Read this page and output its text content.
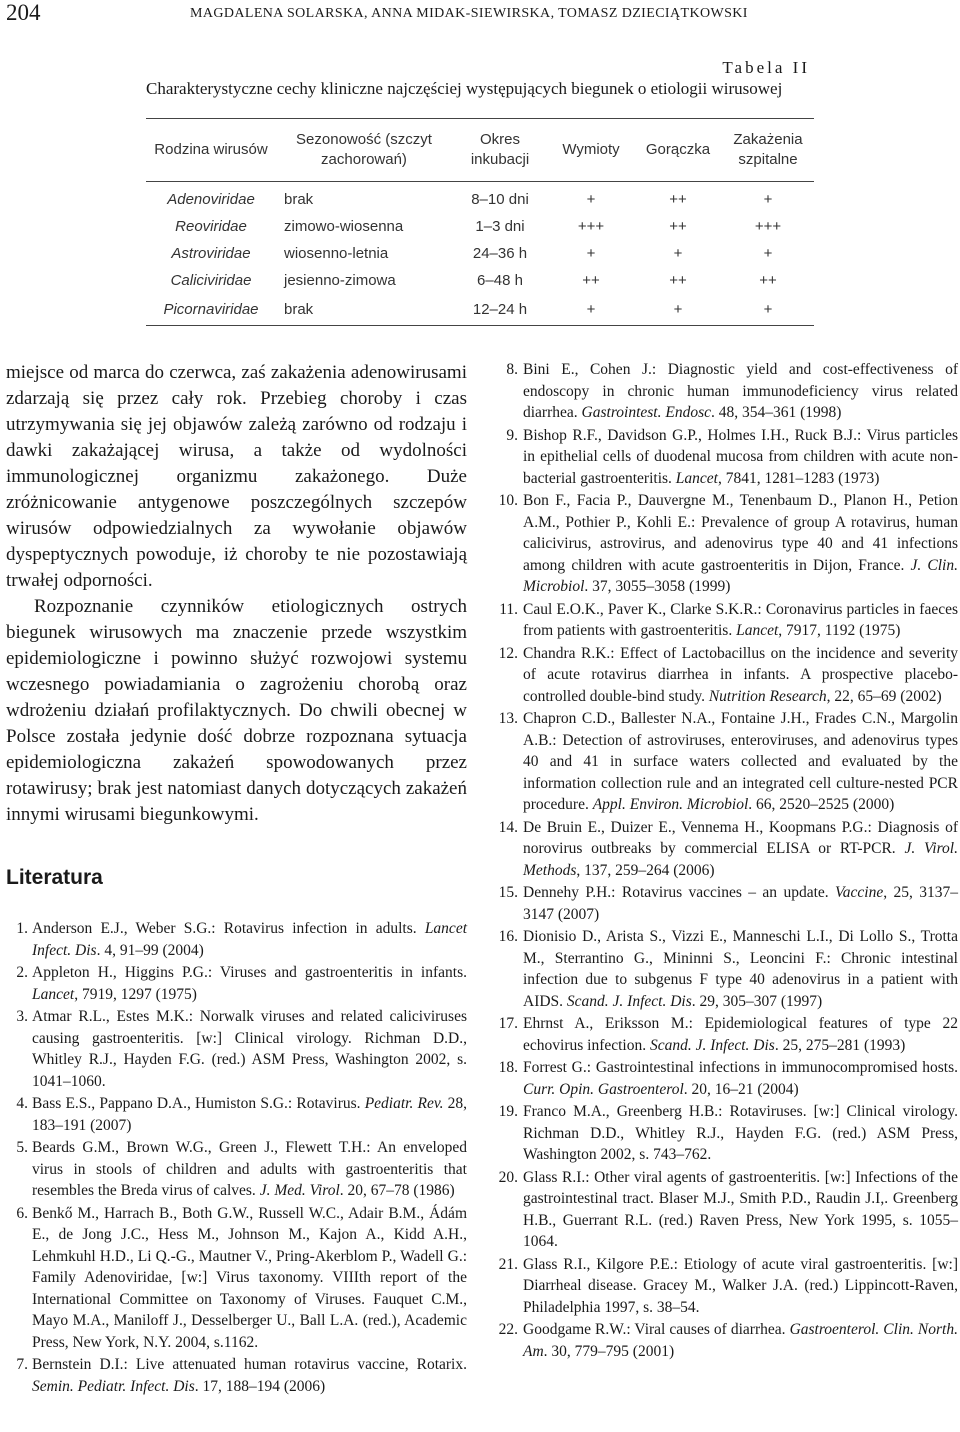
204	MAGDALENA SOLARSKA, ANNA MIDAK-SIEWIRSKA, TOMASZ DZIECIĄTKOWSKI
Tabela II
Charakterystyczne cechy kliniczne najczęściej występujących biegunek o etiologii wirusowej
Rodzina wirusów	Sezonowość (szczyt zachorowań)	Okres inkubacji	Wymioty	Gorączka	Zakażenia szpitalne
Adenoviridae	brak	8–10 dni	+	++	+
Reoviridae	zimowo-wiosenna	1–3 dni	+++	++	+++
Astroviridae	wiosenno-letnia	24–36 h	+	+	+
Caliciviridae	jesienno-zimowa	6–48 h	++	++	++
Picornaviridae	brak	12–24 h	+	+	+

miejsce od marca do czerwca, zaś zakażenia adenowirusami zdarzają się przez cały rok. Przebieg choroby i czas utrzymywania się jej objawów zależą zarówno od rodzaju i dawki zakażającej wirusa, a także od wydolności immunologicznej organizmu zakażonego. Duże zróżnicowanie antygenowe poszczególnych szczepów wirusów odpowiedzialnych za wywołanie objawów dyspeptycznych powoduje, iż choroby te nie pozostawiają trwałej odporności.

Rozpoznanie czynników etiologicznych ostrych biegunek wirusowych ma znaczenie przede wszystkim epidemiologiczne i powinno służyć rozwojowi systemu wczesnego powiadamiania o zagrożeniu chorobą oraz wdrożeniu działań profilaktycznych. Do chwili obecnej w Polsce została jedynie dość dobrze rozpoznana sytuacja epidemiologiczna zakażeń spowodowanych przez rotawirusy; brak jest natomiast danych dotyczących zakażeń innymi wirusami biegunkowymi.

Literatura
1. Anderson E.J., Weber S.G.: Rotavirus infection in adults. Lancet Infect. Dis. 4, 91–99 (2004)
2. Appleton H., Higgins P.G.: Viruses and gastroenteritis in infants. Lancet, 7919, 1297 (1975)
3. Atmar R.L., Estes M.K.: Norwalk viruses and related caliciviruses causing gastroenteritis. [w:] Clinical virology. Richman D.D., Whitley R.J., Hayden F.G. (red.) ASM Press, Washington 2002, s. 1041–1060.
4. Bass E.S., Pappano D.A., Humiston S.G.: Rotavirus. Pediatr. Rev. 28, 183–191 (2007)
5. Beards G.M., Brown W.G., Green J., Flewett T.H.: An enveloped virus in stools of children and adults with gastroenteritis that resembles the Breda virus of calves. J. Med. Virol. 20, 67–78 (1986)
6. Benkő M., Harrach B., Both G.W., Russell W.C., Adair B.M., Ádám E., de Jong J.C., Hess M., Johnson M., Kajon A., Kidd A.H., Lehmkuhl H.D., Li Q.-G., Mautner V., Pring-Akerblom P., Wadell G.: Family Adenoviridae, [w:] Virus taxonomy. VIIIth report of the International Committee on Taxonomy of Viruses. Fauquet C.M., Mayo M.A., Maniloff J., Desselberger U., Ball L.A. (red.), Academic Press, New York, N.Y. 2004, s.1162.
7. Bernstein D.I.: Live attenuated human rotavirus vaccine, Rotarix. Semin. Pediatr. Infect. Dis. 17, 188–194 (2006)
8. Bini E., Cohen J.: Diagnostic yield and cost-effectiveness of endoscopy in chronic human immunodeficiency virus related diarrhea. Gastrointest. Endosc. 48, 354–361 (1998)
9. Bishop R.F., Davidson G.P., Holmes I.H., Ruck B.J.: Virus particles in epithelial cells of duodenal mucosa from children with acute non-bacterial gastroenteritis. Lancet, 7841, 1281–1283 (1973)
10. Bon F., Facia P., Dauvergne M., Tenenbaum D., Planon H., Petion A.M., Pothier P., Kohli E.: Prevalence of group A rotavirus, human calicivirus, astrovirus, and adenovirus type 40 and 41 infections among children with acute gastroenteritis in Dijon, France. J. Clin. Microbiol. 37, 3055–3058 (1999)
11. Caul E.O.K., Paver K., Clarke S.K.R.: Coronavirus particles in faeces from patients with gastroenteritis. Lancet, 7917, 1192 (1975)
12. Chandra R.K.: Effect of Lactobacillus on the incidence and severity of acute rotavirus diarrhea in infants. A prospective placebo-controlled double-bind study. Nutrition Research, 22, 65–69 (2002)
13. Chapron C.D., Ballester N.A., Fontaine J.H., Frades C.N., Margolin A.B.: Detection of astroviruses, enteroviruses, and adenovirus types 40 and 41 in surface waters collected and evaluated by the information collection rule and an integrated cell culture-nested PCR procedure. Appl. Environ. Microbiol. 66, 2520–2525 (2000)
14. De Bruin E., Duizer E., Vennema H., Koopmans P.G.: Diagnosis of norovirus outbreaks by commercial ELISA or RT-PCR. J. Virol. Methods, 137, 259–264 (2006)
15. Dennehy P.H.: Rotavirus vaccines – an update. Vaccine, 25, 3137–3147 (2007)
16. Dionisio D., Arista S., Vizzi E., Manneschi L.I., Di Lollo S., Trotta M., Sterrantino G., Mininni S., Leoncini F.: Chronic intestinal infection due to subgenus F type 40 adenovirus in a patient with AIDS. Scand. J. Infect. Dis. 29, 305–307 (1997)
17. Ehrnst A., Eriksson M.: Epidemiological features of type 22 echovirus infection. Scand. J. Infect. Dis. 25, 275–281 (1993)
18. Forrest G.: Gastrointestinal infections in immunocompromised hosts. Curr. Opin. Gastroenterol. 20, 16–21 (2004)
19. Franco M.A., Greenberg H.B.: Rotaviruses. [w:] Clinical virology. Richman D.D., Whitley R.J., Hayden F.G. (red.) ASM Press, Washington 2002, s. 743–762.
20. Glass R.I.: Other viral agents of gastroenteritis. [w:] Infections of the gastrointestinal tract. Blaser M.J., Smith P.D., Raudin J.I,. Greenberg H.B., Guerrant R.L. (red.) Raven Press, New York 1995, s. 1055–1064.
21. Glass R.I., Kilgore P.E.: Etiology of acute viral gastroenteritis. [w:] Diarrheal disease. Gracey M., Walker J.A. (red.) Lippincott-Raven, Philadelphia 1997, s. 38–54.
22. Goodgame R.W.: Viral causes of diarrhea. Gastroenterol. Clin. North. Am. 30, 779–795 (2001)
